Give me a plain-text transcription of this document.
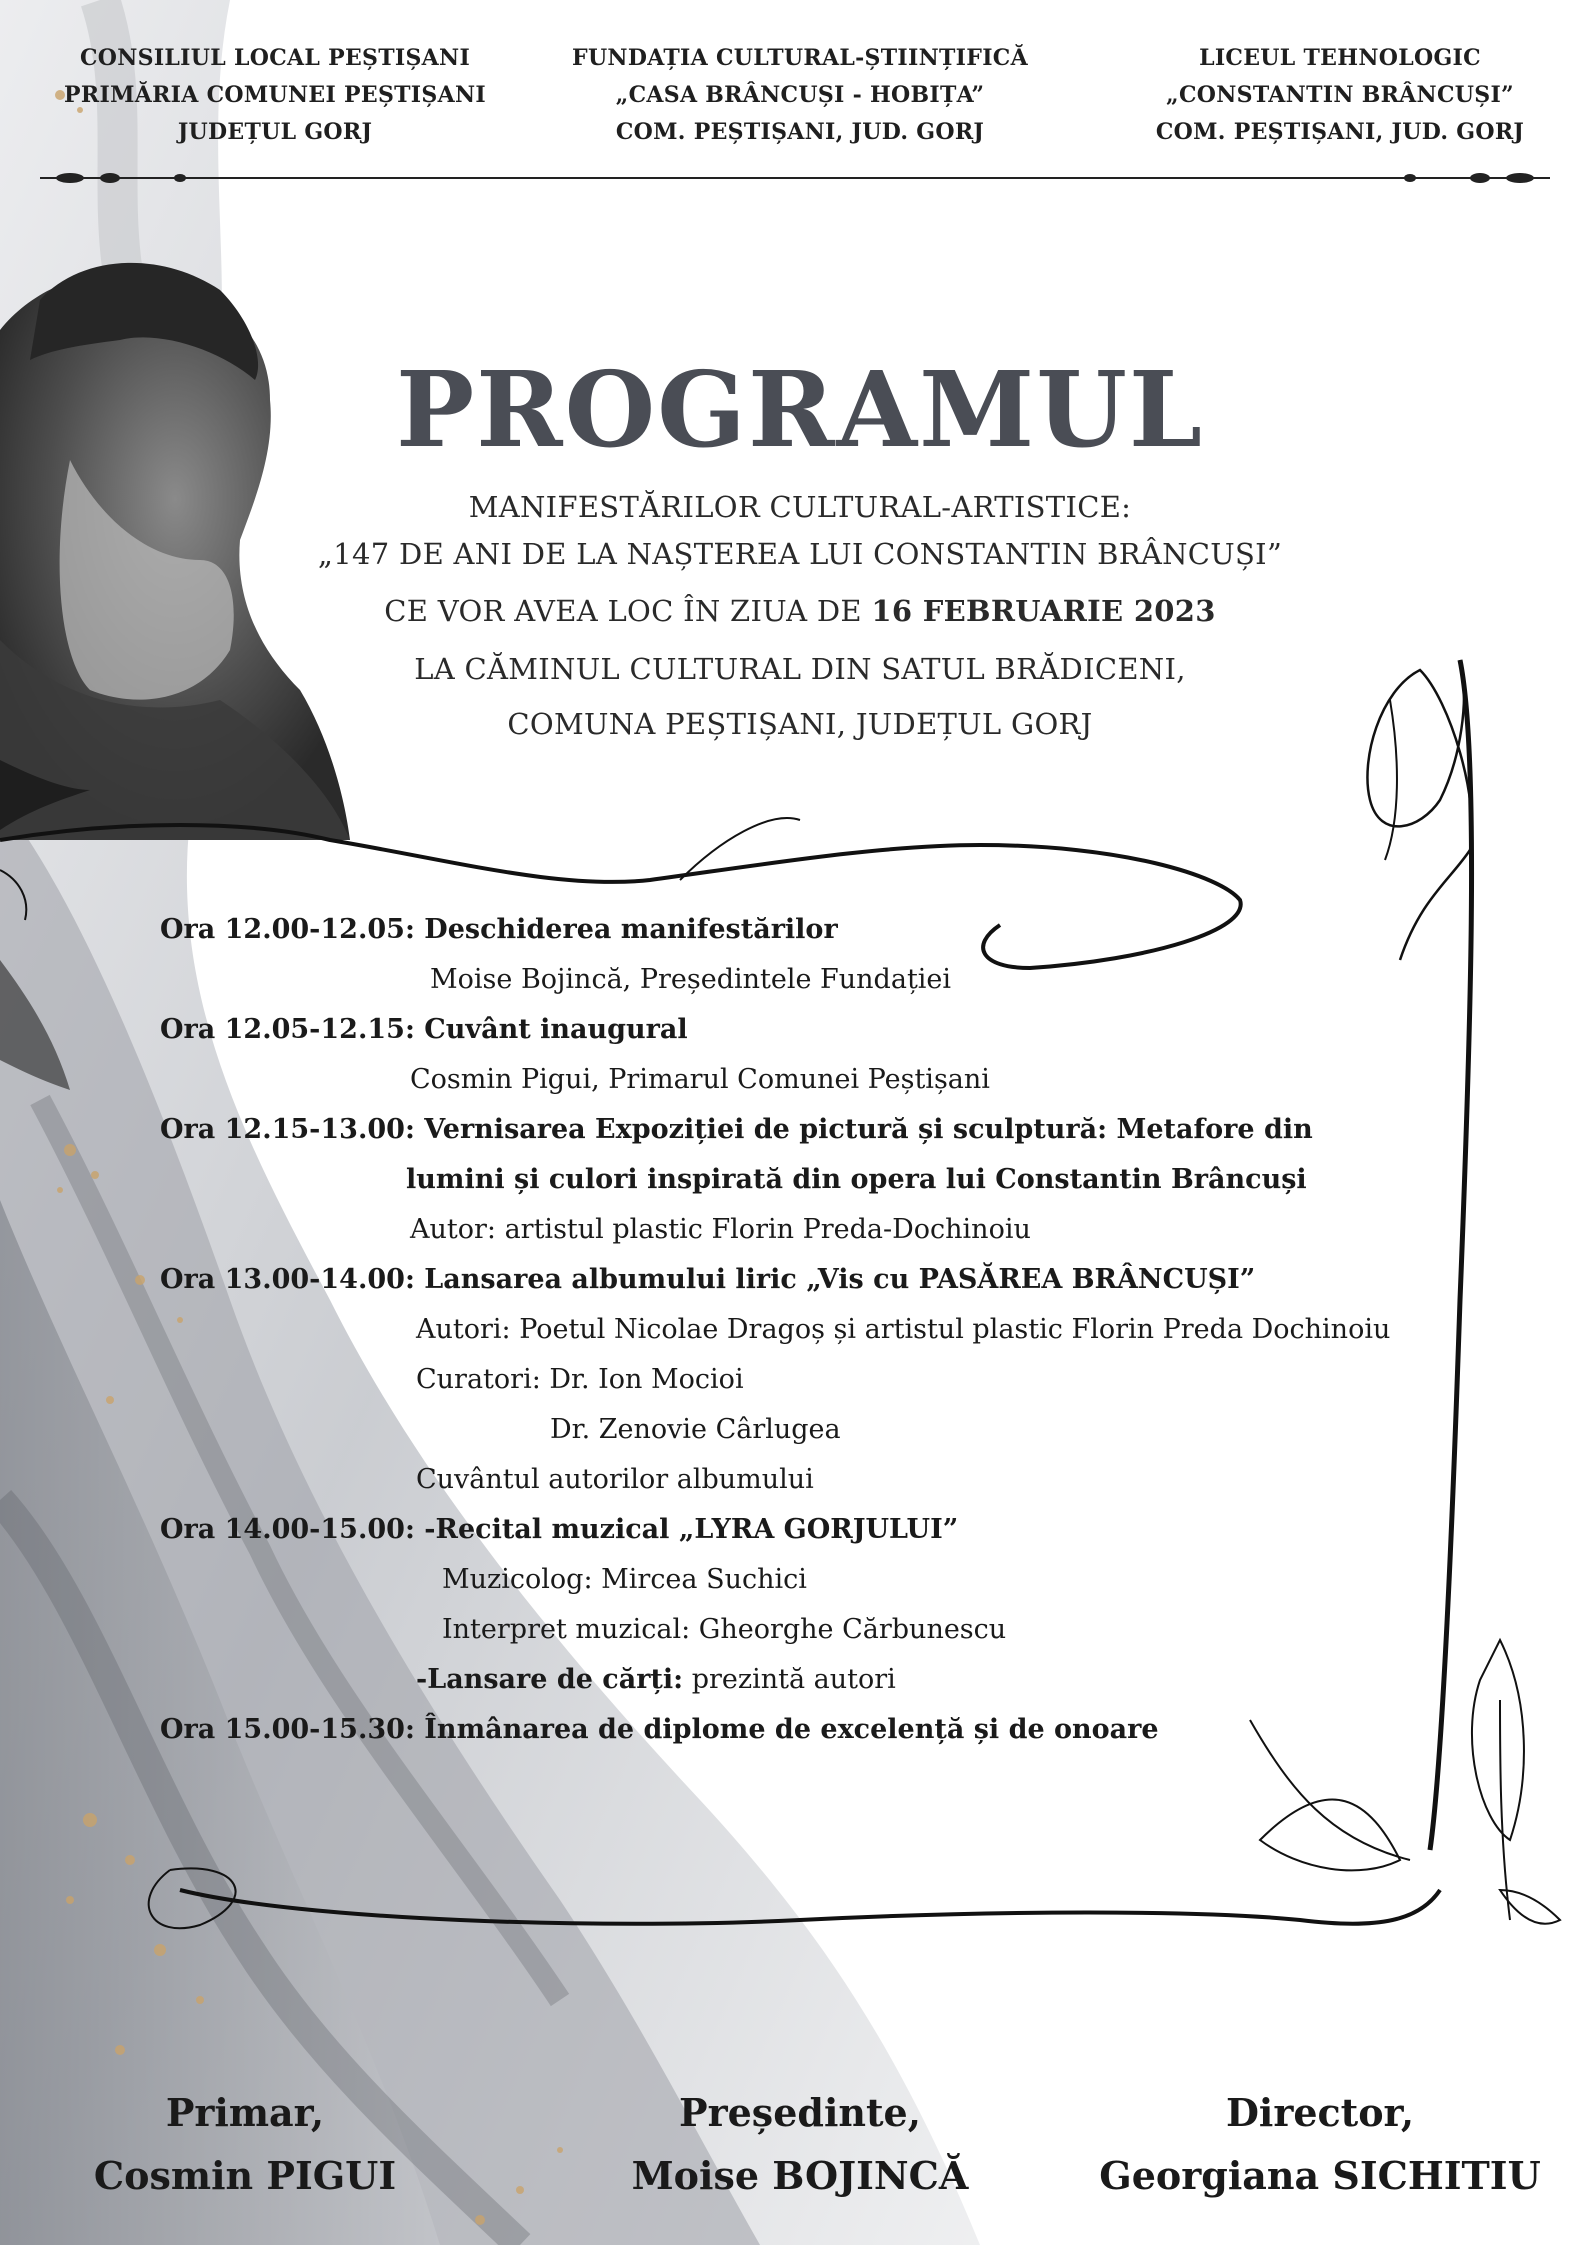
CONSILIUL LOCAL PEȘTIȘANI
PRIMĂRIA COMUNEI PEȘTIȘANI
JUDEȚUL GORJ
FUNDAȚIA CULTURAL-ȘTIINȚIFICĂ
„CASA BRÂNCUȘI - HOBIȚA”
COM. PEȘTIȘANI, JUD. GORJ
LICEUL TEHNOLOGIC
„CONSTANTIN BRÂNCUȘI”
COM. PEȘTIȘANI, JUD. GORJ
PROGRAMUL
MANIFESTĂRILOR CULTURAL-ARTISTICE:
„147 DE ANI DE LA NAȘTEREA LUI CONSTANTIN BRÂNCUȘI”
CE VOR AVEA LOC ÎN ZIUA DE 16 FEBRUARIE 2023
LA CĂMINUL CULTURAL DIN SATUL BRĂDICENI,
COMUNA PEȘTIȘANI, JUDEȚUL GORJ
Ora 12.00-12.05: Deschiderea manifestărilor
Moise Bojincă, Președintele Fundației
Ora 12.05-12.15: Cuvânt inaugural
Cosmin Pigui, Primarul Comunei Peștișani
Ora 12.15-13.00: Vernisarea Expoziției de pictură și sculptură: Metafore din
lumini și culori inspirată din opera lui Constantin Brâncuși
Autor: artistul plastic Florin Preda-Dochinoiu
Ora 13.00-14.00: Lansarea albumului liric „Vis cu PASĂREA BRÂNCUȘI”
Autori: Poetul Nicolae Dragoș și artistul plastic Florin Preda Dochinoiu
Curatori: Dr. Ion Mocioi
Dr. Zenovie Cârlugea
Cuvântul autorilor albumului
Ora 14.00-15.00: -Recital muzical „LYRA GORJULUI”
Muzicolog: Mircea Suchici
Interpret muzical: Gheorghe Cărbunescu
-Lansare de cărți: prezintă autori
Ora 15.00-15.30: Înmânarea de diplome de excelență și de onoare
Primar,
Cosmin PIGUI
Președinte,
Moise BOJINCĂ
Director,
Georgiana SICHITIU
